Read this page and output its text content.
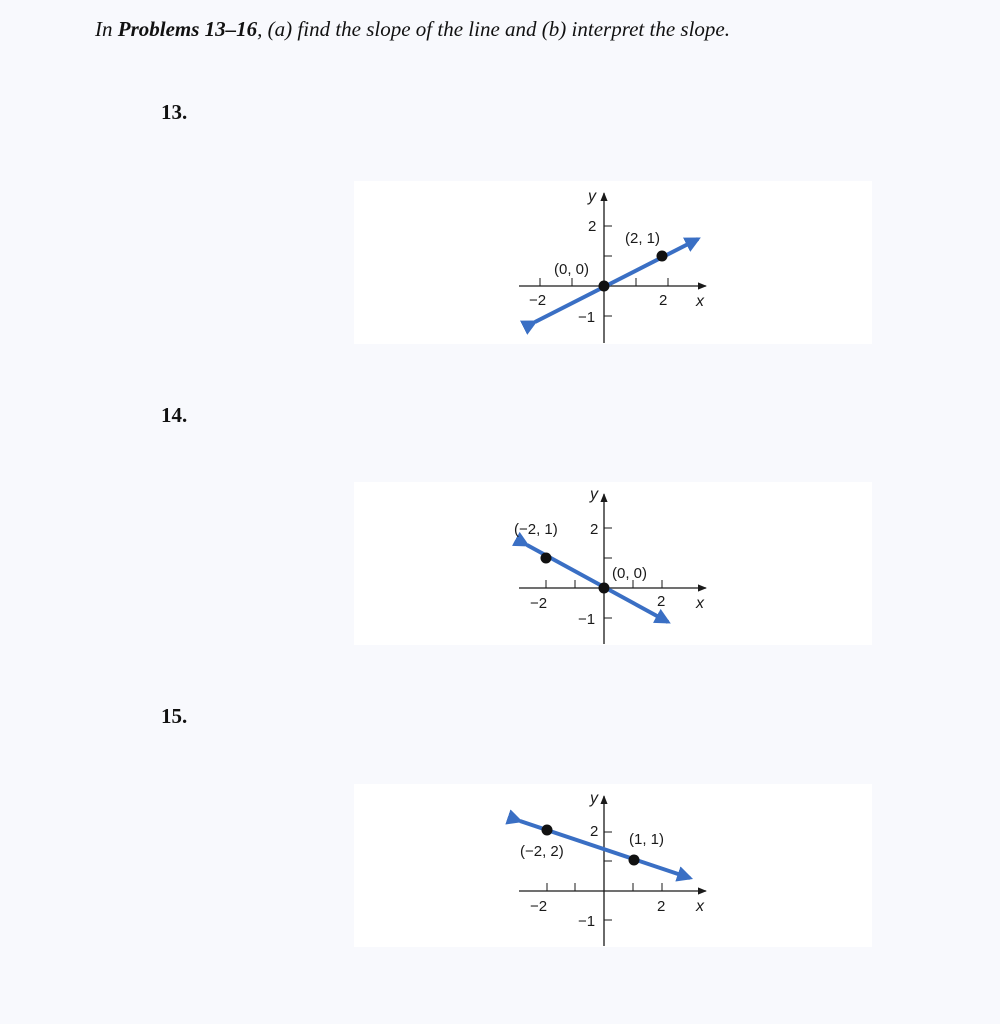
In Problems 13–16, (a) find the slope of the line and (b) interpret the slope.

13.
y
x
−2	2
2
−1
(0, 0)
(2, 1)
14.
y
x
−2	2
2
−1
(−2, 1)
(0, 0)
15.
y
x
−2	2
2
−1
(−2, 2)
(1, 1)
